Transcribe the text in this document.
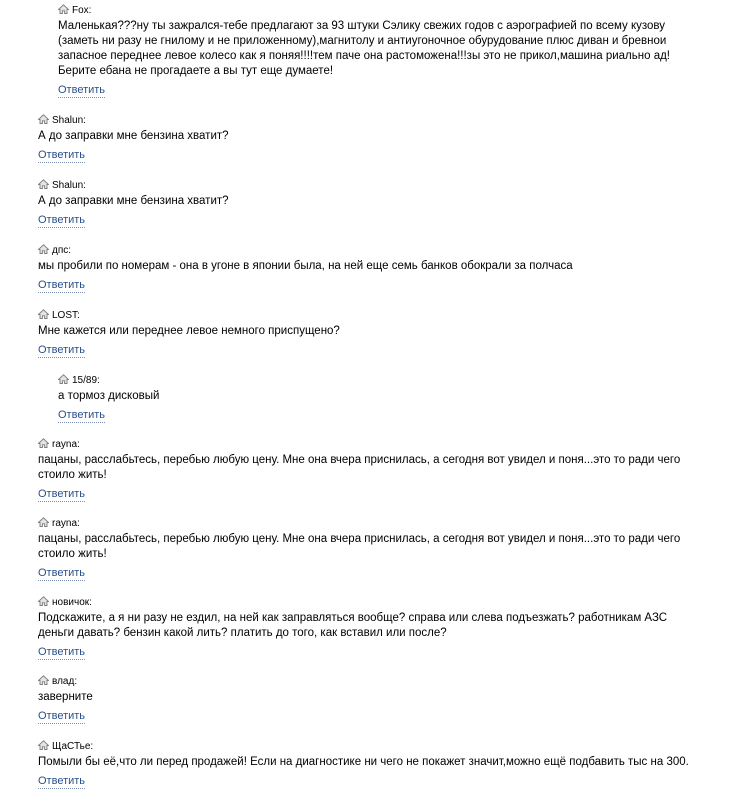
Fox:
Маленькая???ну ты зажрался-тебе предлагают за 93 штуки Сэлику свежих годов с аэрографией по всему кузову
(заметь ни разу не гнилому и не приложенному),магнитолу и антиугоночное обурудование плюс диван и бревнои
запасное переднее левое колесо как я поняя!!!!тем паче она растоможена!!!зы это не прикол,машина риально ад!
Берите ебана не прогадаете а вы тут еще думаете!
Ответить
Shalun:
А до заправки мне бензина хватит?
Ответить
Shalun:
А до заправки мне бензина хватит?
Ответить
дпс:
мы пробили по номерам - она в угоне в японии была, на ней еще семь банков обокрали за полчаса
Ответить
LOST:
Мне кажется или переднее левое немного приспущено?
Ответить
15/89:
а тормоз дисковый
Ответить
rayna:
пацаны, расслабьтесь, перебью любую цену. Мне она вчера приснилась, а сегодня вот увидел и поня...это то ради чего
стоило жить!
Ответить
rayna:
пацаны, расслабьтесь, перебью любую цену. Мне она вчера приснилась, а сегодня вот увидел и поня...это то ради чего
стоило жить!
Ответить
новичок:
Подскажите, а я ни разу не ездил, на ней как заправляться вообще? справа или слева подъезжать? работникам АЗС
деньги давать? бензин какой лить? платить до того, как вставил или после?
Ответить
влад:
заверните
Ответить
ЩаСТье:
Помыли бы её,что ли перед продажей! Если на диагностике ни чего не покажет значит,можно ещё подбавить тыс на 300.
Ответить
